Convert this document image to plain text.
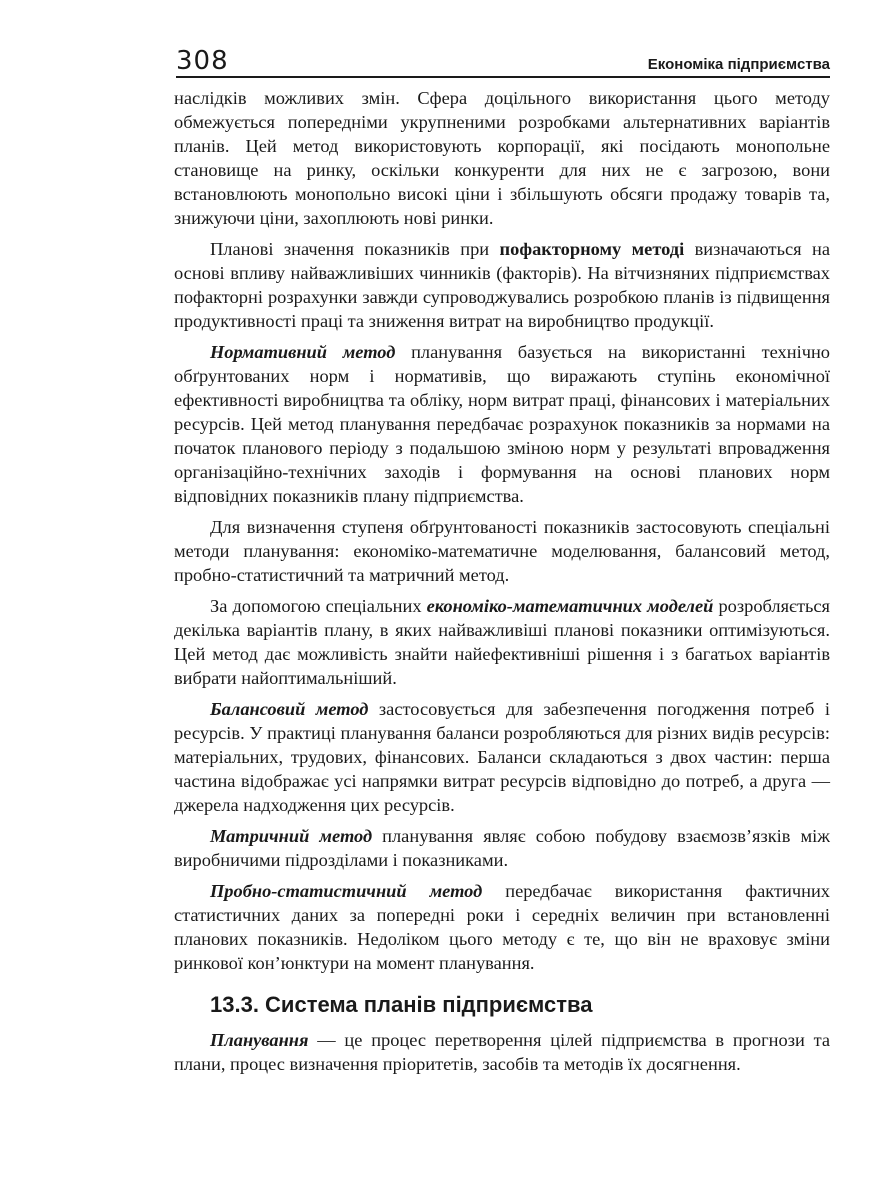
308	Економіка підприємства

наслідків можливих змін. Сфера доцільного використання цього методу обмежується попередніми укрупненими розробками альтернативних варіантів планів. Цей метод використовують корпорації, які посідають монопольне становище на ринку, оскільки конкуренти для них не є загрозою, вони встановлюють монопольно високі ціни і збільшують обсяги продажу товарів та, знижуючи ціни, захоплюють нові ринки.

Планові значення показників при пофакторному методі визначаються на основі впливу найважливіших чинників (факторів). На вітчизняних підприємствах пофакторні розрахунки завжди супроводжувались розробкою планів із підвищення продуктивності праці та зниження витрат на виробництво продукції.

Нормативний метод планування базується на використанні технічно обґрунтованих норм і нормативів, що виражають ступінь економічної ефективності виробництва та обліку, норм витрат праці, фінансових і матеріальних ресурсів. Цей метод планування передбачає розрахунок показників за нормами на початок планового періоду з подальшою зміною норм у результаті впровадження організаційно-технічних заходів і формування на основі планових норм відповідних показників плану підприємства.

Для визначення ступеня обґрунтованості показників застосовують спеціальні методи планування: економіко-математичне моделювання, балансовий метод, пробно-статистичний та матричний метод.

За допомогою спеціальних економіко-математичних моделей розробляється декілька варіантів плану, в яких найважливіші планові показники оптимізуються. Цей метод дає можливість знайти найефективніші рішення і з багатьох варіантів вибрати найоптимальніший.

Балансовий метод застосовується для забезпечення погодження потреб і ресурсів. У практиці планування баланси розробляються для різних видів ресурсів: матеріальних, трудових, фінансових. Баланси складаються з двох частин: перша частина відображає усі напрямки витрат ресурсів відповідно до потреб, а друга — джерела надходження цих ресурсів.

Матричний метод планування являє собою побудову взаємозв’язків між виробничими підрозділами і показниками.

Пробно-статистичний метод передбачає використання фактичних статистичних даних за попередні роки і середніх величин при встановленні планових показників. Недоліком цього методу є те, що він не враховує зміни ринкової кон’юнктури на момент планування.

13.3. Система планів підприємства

Планування — це процес перетворення цілей підприємства в прогнози та плани, процес визначення пріоритетів, засобів та методів їх досягнення.
